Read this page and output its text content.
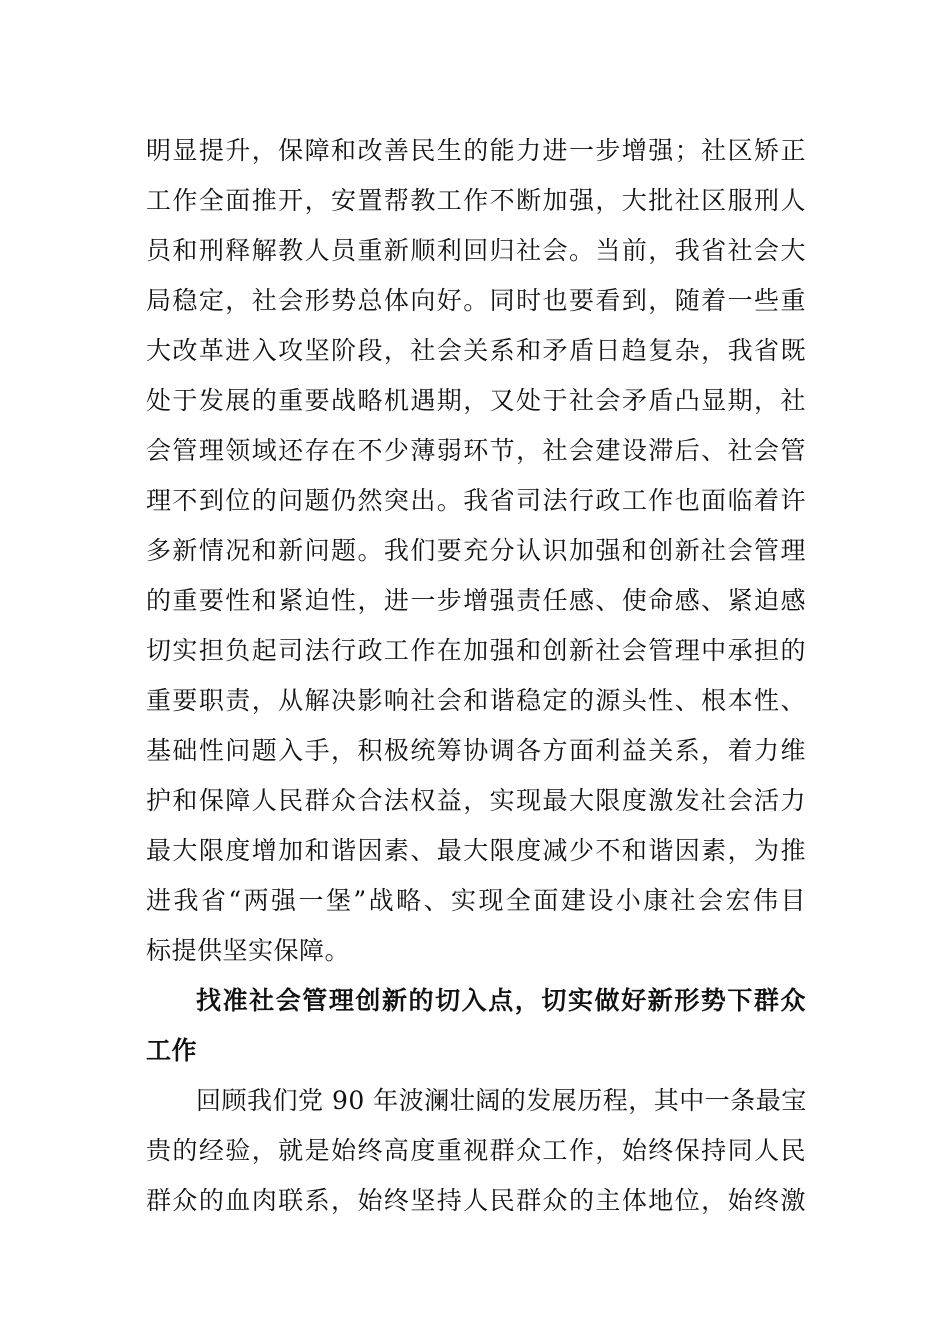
明显提升，保障和改善民生的能力进一步增强；社区矫正
工作全面推开，安置帮教工作不断加强，大批社区服刑人
员和刑释解教人员重新顺利回归社会。当前，我省社会大
局稳定，社会形势总体向好。同时也要看到，随着一些重
大改革进入攻坚阶段，社会关系和矛盾日趋复杂，我省既
处于发展的重要战略机遇期，又处于社会矛盾凸显期，社
会管理领域还存在不少薄弱环节，社会建设滞后、社会管
理不到位的问题仍然突出。我省司法行政工作也面临着许
多新情况和新问题。我们要充分认识加强和创新社会管理
的重要性和紧迫性，进一步增强责任感、使命感、紧迫感
切实担负起司法行政工作在加强和创新社会管理中承担的
重要职责，从解决影响社会和谐稳定的源头性、根本性、
基础性问题入手，积极统筹协调各方面利益关系，着力维
护和保障人民群众合法权益，实现最大限度激发社会活力
最大限度增加和谐因素、最大限度减少不和谐因素，为推
进我省“两强一堡”战略、实现全面建设小康社会宏伟目
标提供坚实保障。
找准社会管理创新的切入点，切实做好新形势下群众
工作
回顾我们党 90 年波澜壮阔的发展历程，其中一条最宝
贵的经验，就是始终高度重视群众工作，始终保持同人民
群众的血肉联系，始终坚持人民群众的主体地位，始终激
